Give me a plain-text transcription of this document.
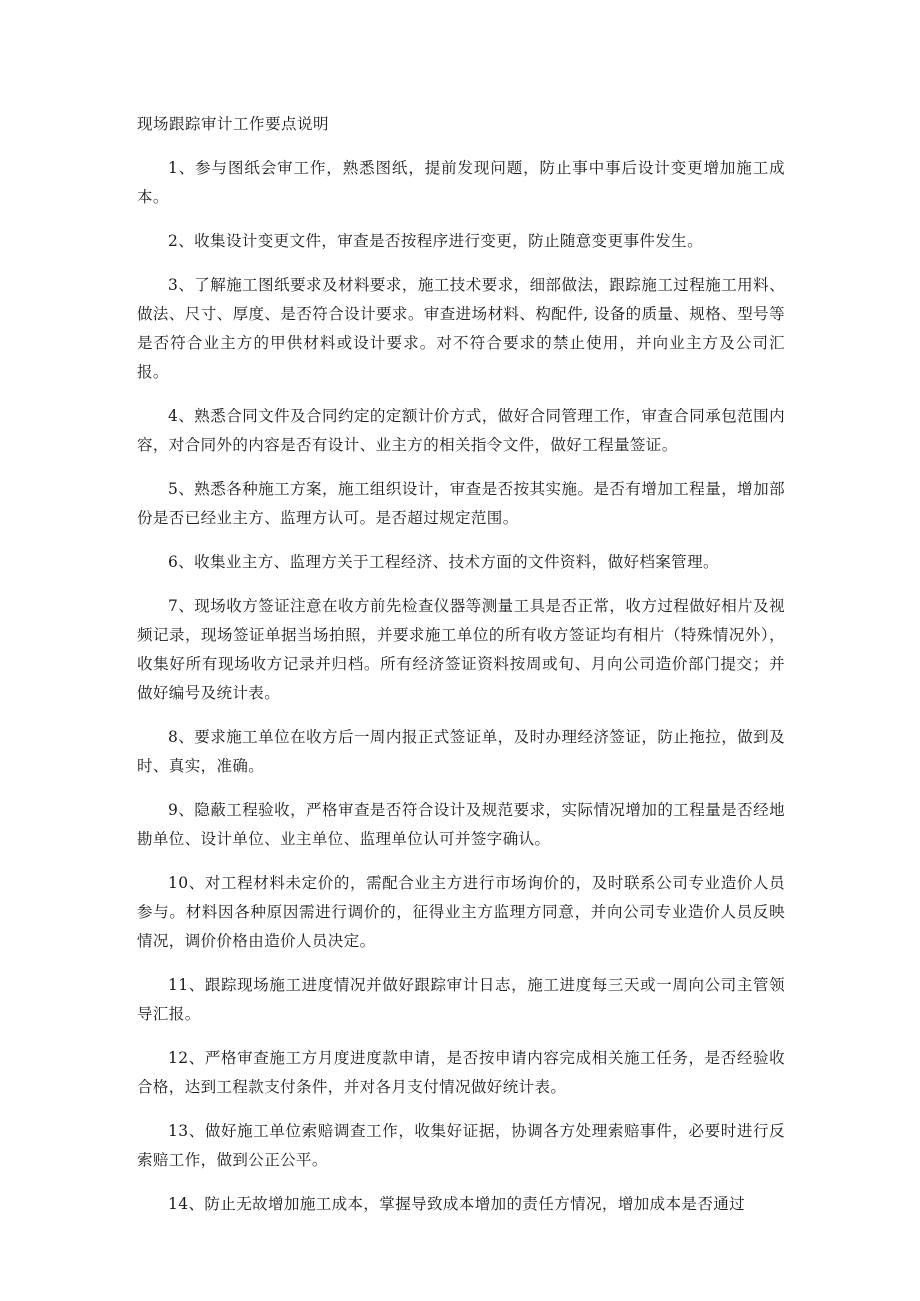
现场跟踪审计工作要点说明

1、参与图纸会审工作，熟悉图纸，提前发现问题，防止事中事后设计变更增加施工成本。

2、收集设计变更文件，审查是否按程序进行变更，防止随意变更事件发生。

3、了解施工图纸要求及材料要求，施工技术要求，细部做法，跟踪施工过程施工用料、做法、尺寸、厚度、是否符合设计要求。审查进场材料、构配件, 设备的质量、规格、型号等是否符合业主方的甲供材料或设计要求。对不符合要求的禁止使用，并向业主方及公司汇报。

4、熟悉合同文件及合同约定的定额计价方式，做好合同管理工作，审查合同承包范围内容，对合同外的内容是否有设计、业主方的相关指令文件，做好工程量签证。

5、熟悉各种施工方案，施工组织设计，审查是否按其实施。是否有增加工程量，增加部份是否已经业主方、监理方认可。是否超过规定范围。

6、收集业主方、监理方关于工程经济、技术方面的文件资料，做好档案管理。

7、现场收方签证注意在收方前先检查仪器等测量工具是否正常，收方过程做好相片及视频记录，现场签证单据当场拍照，并要求施工单位的所有收方签证均有相片（特殊情况外），收集好所有现场收方记录并归档。所有经济签证资料按周或旬、月向公司造价部门提交；并做好编号及统计表。

8、要求施工单位在收方后一周内报正式签证单，及时办理经济签证，防止拖拉，做到及时、真实，准确。

9、隐蔽工程验收，严格审查是否符合设计及规范要求，实际情况增加的工程量是否经地勘单位、设计单位、业主单位、监理单位认可并签字确认。

10、对工程材料未定价的，需配合业主方进行市场询价的，及时联系公司专业造价人员参与。材料因各种原因需进行调价的，征得业主方监理方同意，并向公司专业造价人员反映情况，调价价格由造价人员决定。

11、跟踪现场施工进度情况并做好跟踪审计日志，施工进度每三天或一周向公司主管领导汇报。

12、严格审查施工方月度进度款申请，是否按申请内容完成相关施工任务，是否经验收合格，达到工程款支付条件，并对各月支付情况做好统计表。

13、做好施工单位索赔调查工作，收集好证据，协调各方处理索赔事件，必要时进行反索赔工作，做到公正公平。

14、防止无故增加施工成本，掌握导致成本增加的责任方情况，增加成本是否通过
